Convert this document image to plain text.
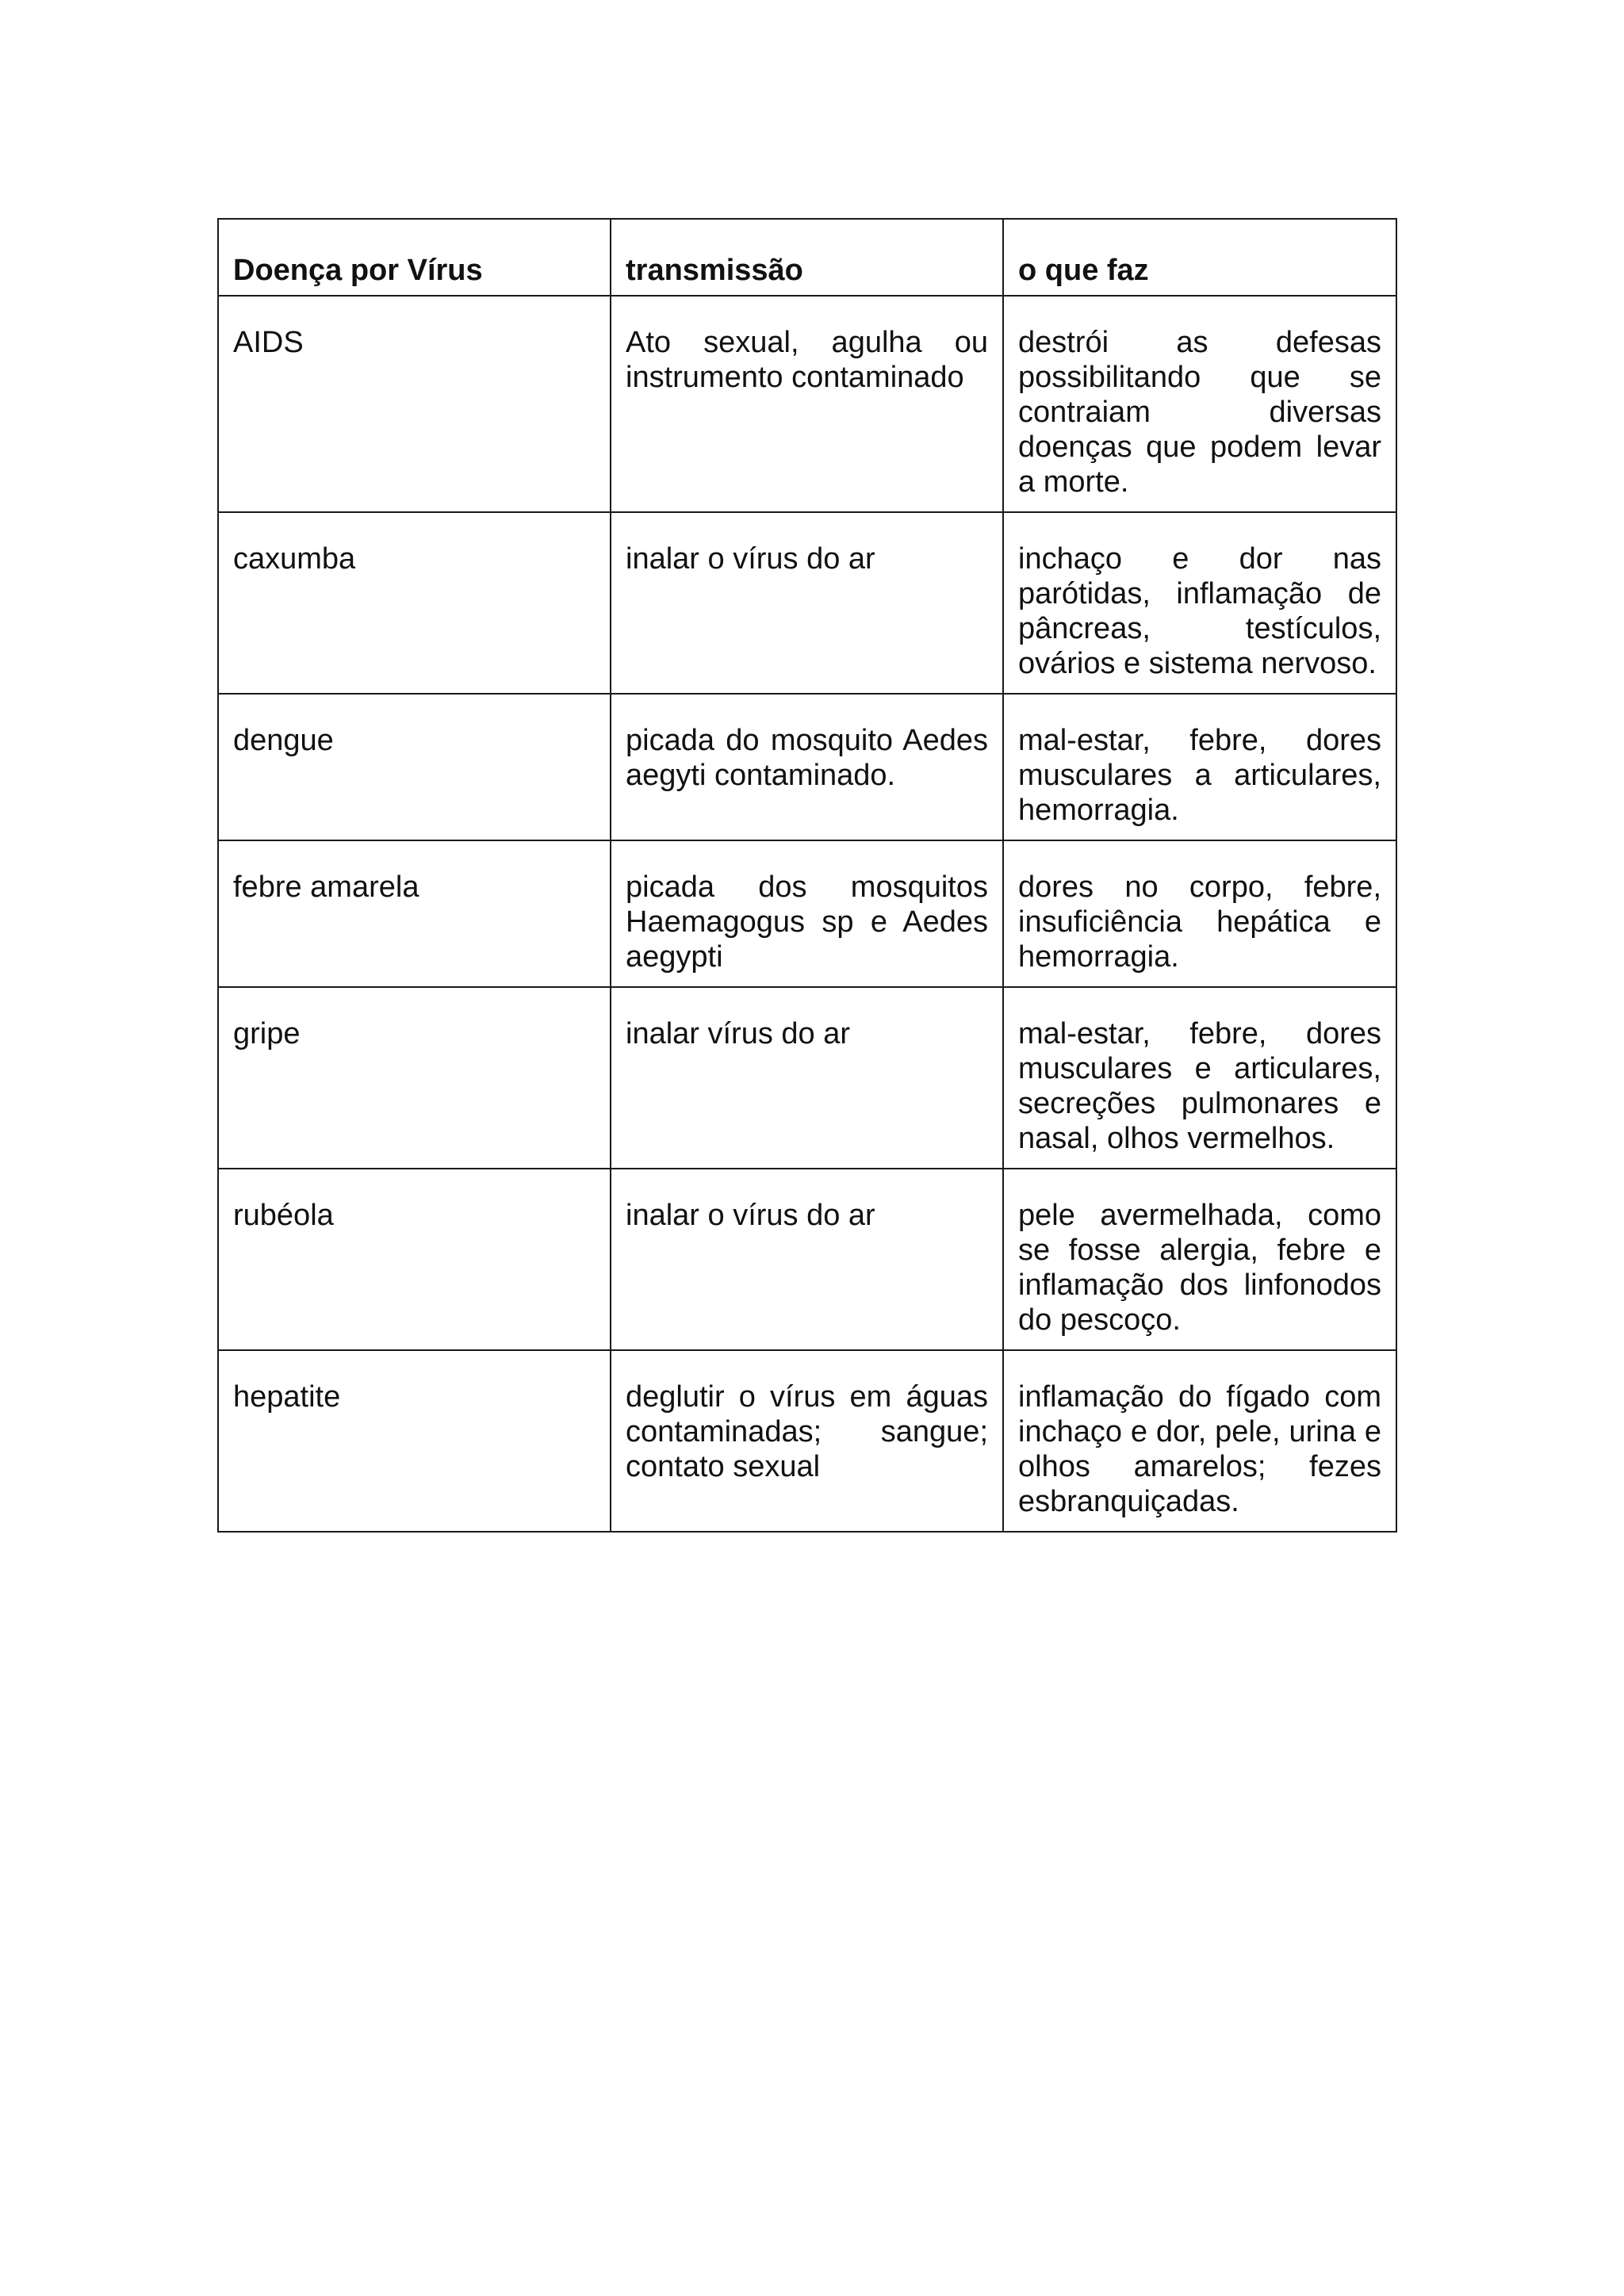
Doença por Vírus	transmissão	o que faz
AIDS	Ato sexual, agulha ou instrumento contaminado	destrói as defesas possibilitando que se contraiam diversas doenças que podem levar a morte.
caxumba	inalar o vírus do ar	inchaço e dor nas parótidas, inflamação de pâncreas, testículos, ovários e sistema nervoso.
dengue	picada do mosquito Aedes aegyti contaminado.	mal-estar, febre, dores musculares a articulares, hemorragia.
febre amarela	picada dos mosquitos Haemagogus sp e Aedes aegypti	dores no corpo, febre, insuficiência hepática e hemorragia.
gripe	inalar vírus do ar	mal-estar, febre, dores musculares e articulares, secreções pulmonares e nasal, olhos vermelhos.
rubéola	inalar o vírus do ar	pele avermelhada, como se fosse alergia, febre e inflamação dos linfonodos do pescoço.
hepatite	deglutir o vírus em águas contaminadas; sangue; contato sexual	inflamação do fígado com inchaço e dor, pele, urina e olhos amarelos; fezes esbranquiçadas.
